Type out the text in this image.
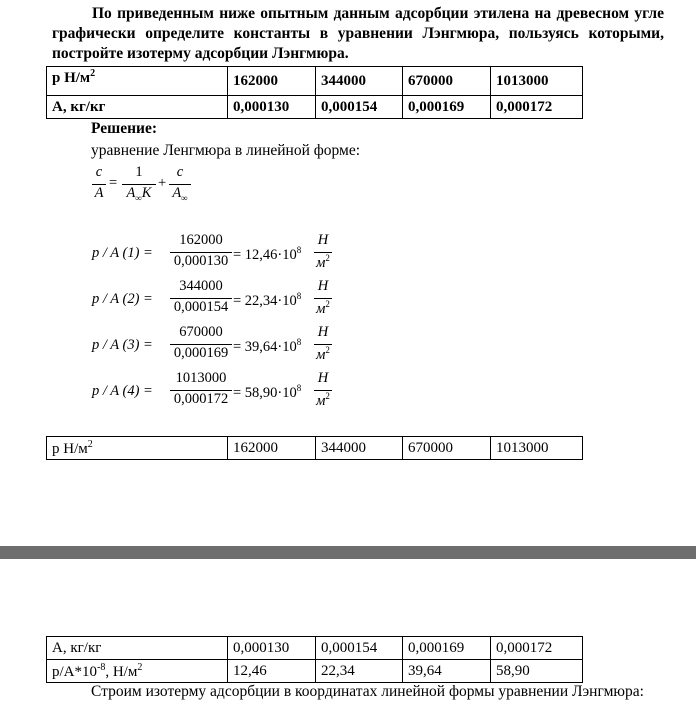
По приведенным ниже опытным данным адсорбции этилена на древесном угле графически определите константы в уравнении Лэнгмюра, пользуясь которыми, постройте изотерму адсорбции Лэнгмюра.
р $Н/м^2$	162000	344000	670000	1013000
А, кг/кг	0,000130	0,000154	0,000169	0,000172
Решение:
уравнение Ленгмюра в линейной форме:
c
A
=
1
$A_\infty K$
+
c
$A_\infty$
p / A (1) =
162000
$0,000130 = 12,46\cdot 10^8$
Н
$м^2$
p / A (2) =
344000
$0,000154 = 22,34\cdot 10^8$
Н
$м^2$
p / A (3) =
670000
$0,000169 = 39,64\cdot 10^8$
Н
$м^2$
p / A (4) =
1013000
$0,000172 = 58,90\cdot 10^8$
Н
$м^2$
р $Н/м^2$	162000	344000	670000	1013000
А, кг/кг	0,000130	0,000154	0,000169	0,000172
$р/А*10^{-8}$, $Н/м^2$	12,46	22,34	39,64	58,90
Строим изотерму адсорбции в координатах линейной формы уравнении Лэнгмюра:
